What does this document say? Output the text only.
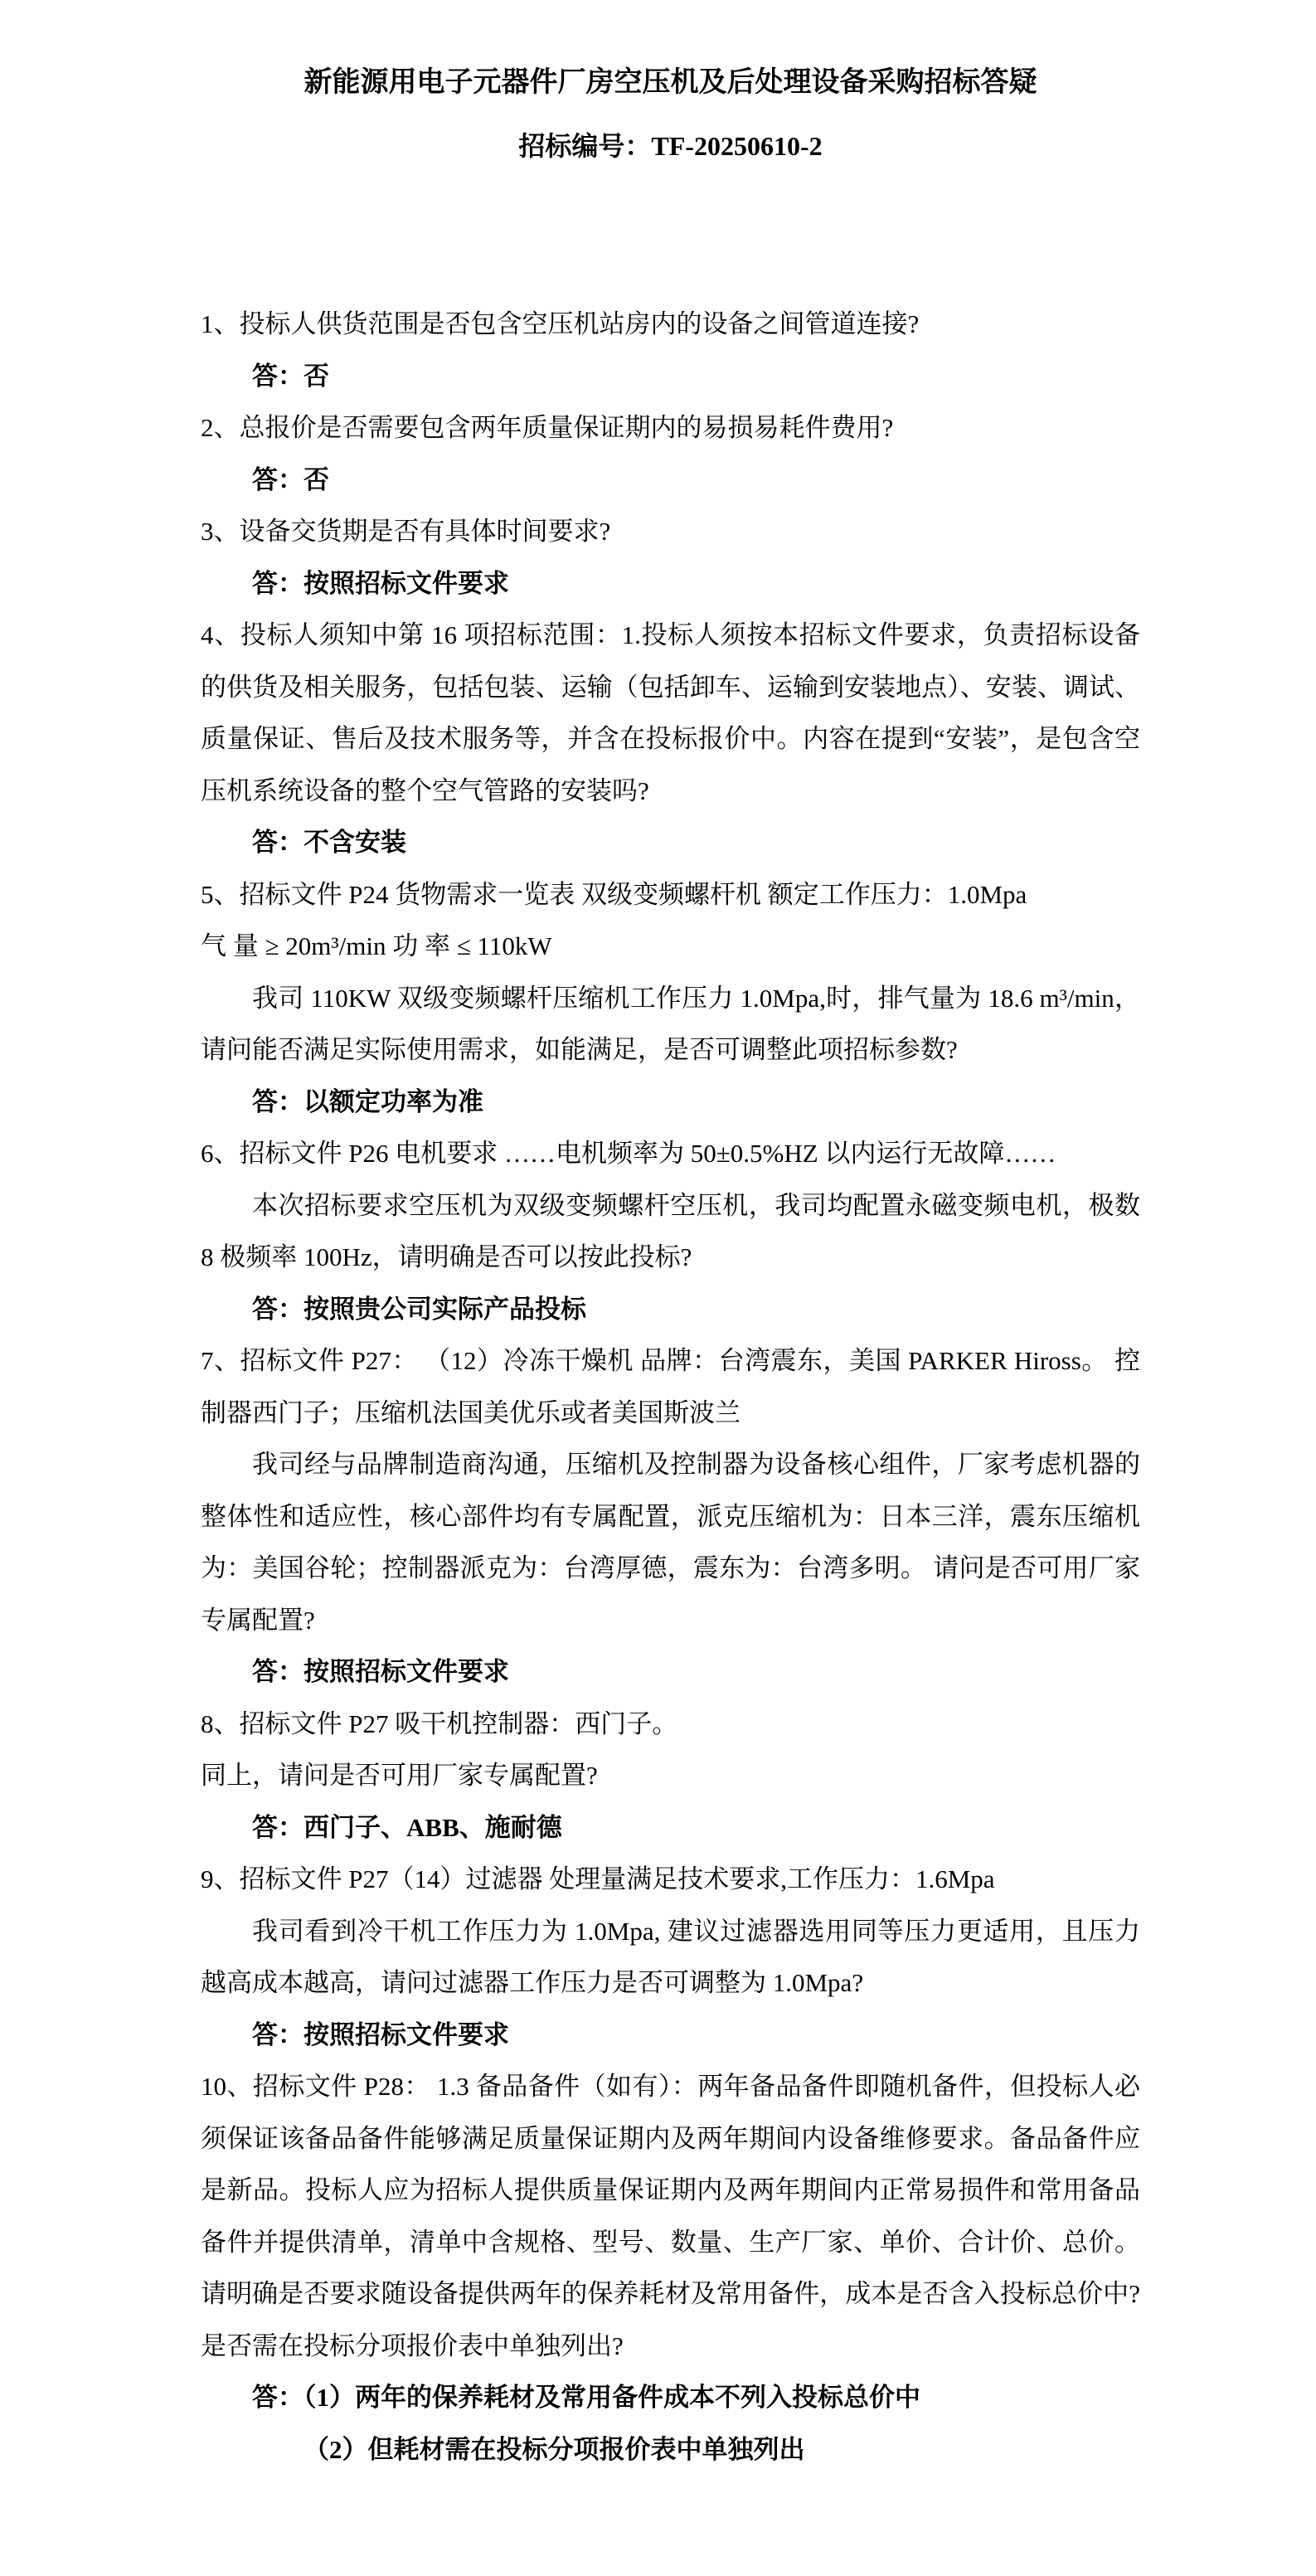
新能源用电子元器件厂房空压机及后处理设备采购招标答疑
招标编号：TF-20250610-2

1、投标人供货范围是否包含空压机站房内的设备之间管道连接?

答：否

2、总报价是否需要包含两年质量保证期内的易损易耗件费用?

答：否

3、设备交货期是否有具体时间要求?

答：按照招标文件要求

4、投标人须知中第 16 项招标范围：1.投标人须按本招标文件要求，负责招标设备的供货及相关服务，包括包装、运输（包括卸车、运输到安装地点）、安装、调试、质量保证、售后及技术服务等，并含在投标报价中。内容在提到“安装”，是包含空压机系统设备的整个空气管路的安装吗?

答：不含安装

5、招标文件 P24 货物需求一览表 双级变频螺杆机 额定工作压力：1.0Mpa

气 量 ≥ 20m³/min 功 率 ≤ 110kW

我司 110KW 双级变频螺杆压缩机工作压力 1.0Mpa,时，排气量为 18.6 m³/min，请问能否满足实际使用需求，如能满足，是否可调整此项招标参数?

答：以额定功率为准

6、招标文件 P26 电机要求 ……电机频率为 50±0.5%HZ 以内运行无故障……

本次招标要求空压机为双级变频螺杆空压机，我司均配置永磁变频电机，极数 8 极频率 100Hz，请明确是否可以按此投标?

答：按照贵公司实际产品投标

7、招标文件 P27： （12）冷冻干燥机 品牌：台湾震东，美国 PARKER Hiross。 控制器西门子；压缩机法国美优乐或者美国斯波兰

我司经与品牌制造商沟通，压缩机及控制器为设备核心组件，厂家考虑机器的整体性和适应性，核心部件均有专属配置，派克压缩机为：日本三洋，震东压缩机为：美国谷轮；控制器派克为：台湾厚德，震东为：台湾多明。 请问是否可用厂家专属配置?

答：按照招标文件要求

8、招标文件 P27 吸干机控制器：西门子。

同上，请问是否可用厂家专属配置?

答：西门子、ABB、施耐德

9、招标文件 P27（14）过滤器 处理量满足技术要求,工作压力：1.6Mpa

我司看到冷干机工作压力为 1.0Mpa, 建议过滤器选用同等压力更适用，且压力越高成本越高，请问过滤器工作压力是否可调整为 1.0Mpa?

答：按照招标文件要求

10、招标文件 P28： 1.3 备品备件（如有）：两年备品备件即随机备件，但投标人必须保证该备品备件能够满足质量保证期内及两年期间内设备维修要求。备品备件应是新品。投标人应为招标人提供质量保证期内及两年期间内正常易损件和常用备品备件并提供清单，清单中含规格、型号、数量、生产厂家、单价、合计价、总价。请明确是否要求随设备提供两年的保养耗材及常用备件，成本是否含入投标总价中?是否需在投标分项报价表中单独列出?

答：（1）两年的保养耗材及常用备件成本不列入投标总价中

（2）但耗材需在投标分项报价表中单独列出
